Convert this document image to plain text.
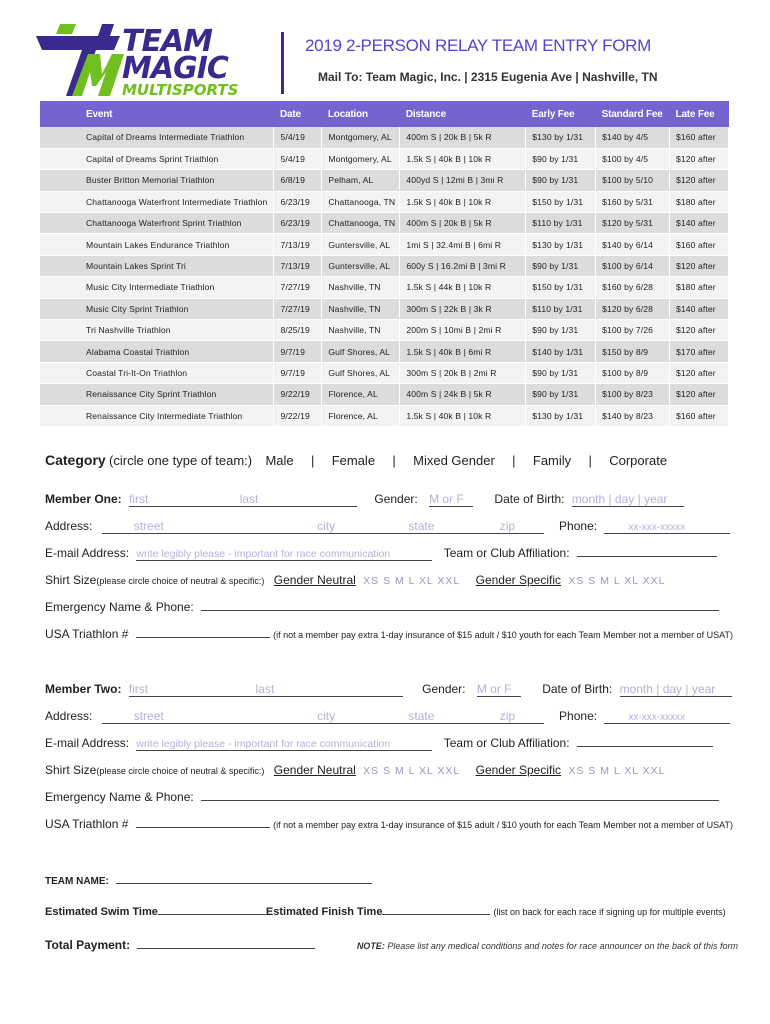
TEAM
MAGIC
MULTISPORTS
2019 2-PERSON RELAY TEAM ENTRY FORM
Mail To: Team Magic, Inc. | 2315 Eugenia Ave | Nashville, TN
Event	Date	Location	Distance	Early Fee	Standard Fee	Late Fee
Capital of Dreams Intermediate Triathlon	5/4/19	Montgomery, AL	400m S | 20k B | 5k R	$130 by 1/31	$140 by 4/5	$160 after
Capital of Dreams Sprint Triathlon	5/4/19	Montgomery, AL	1.5k S | 40k B | 10k R	$90 by 1/31	$100 by 4/5	$120 after
Buster Britton Memorial Triathlon	6/8/19	Pelham, AL	400yd S | 12mi B | 3mi R	$90 by 1/31	$100 by 5/10	$120 after
Chattanooga Waterfront Intermediate Triathlon	6/23/19	Chattanooga, TN	1.5k S | 40k B | 10k R	$150 by 1/31	$160 by 5/31	$180 after
Chattanooga Waterfront Sprint Triathlon	6/23/19	Chattanooga, TN	400m S | 20k B | 5k R	$110 by 1/31	$120 by 5/31	$140 after
Mountain Lakes Endurance Triathlon	7/13/19	Guntersville, AL	1mi S | 32.4mi B | 6mi R	$130 by 1/31	$140 by 6/14	$160 after
Mountain Lakes Sprint Tri	7/13/19	Guntersville, AL	600y S | 16.2mi B | 3mi R	$90 by 1/31	$100 by 6/14	$120 after
Music City Intermediate Triathlon	7/27/19	Nashville, TN	1.5k S | 44k B | 10k R	$150 by 1/31	$160 by 6/28	$180 after
Music City Sprint Triathlon	7/27/19	Nashville, TN	300m S | 22k B | 3k R	$110 by 1/31	$120 by 6/28	$140 after
Tri Nashville Triathlon	8/25/19	Nashville, TN	200m S | 10mi B | 2mi R	$90 by 1/31	$100 by 7/26	$120 after
Alabama Coastal Triathlon	9/7/19	Gulf Shores, AL	1.5k S | 40k B | 6mi R	$140 by 1/31	$150 by 8/9	$170 after
Coastal Tri-It-On Triathlon	9/7/19	Gulf Shores, AL	300m S | 20k B | 2mi R	$90 by 1/31	$100 by 8/9	$120 after
Renaissance City Sprint Triathlon	9/22/19	Florence, AL	400m S | 24k B | 5k R	$90 by 1/31	$100 by 8/23	$120 after
Renaissance City Intermediate Triathlon	9/22/19	Florence, AL	1.5k S | 40k B | 10k R	$130 by 1/31	$140 by 8/23	$160 after
Category (circle one type of team:) Male | Female | Mixed Gender | Family | Corporate
Member One: first	last	Gender: M or F	Date of Birth: month | day | year
Address:	street	city	state	zip	Phone:	xx-xxx-xxxxx
E-mail Address: write legibly please - important for race communication	Team or Club Affiliation:
Shirt Size(please circle choice of neutral & specific:) Gender Neutral XS S M L XL XXL Gender Specific XS S M L XL XXL
Emergency Name & Phone:
USA Triathlon #	(if not a member pay extra 1-day insurance of $15 adult / $10 youth for each Team Member not a member of USAT)
Member Two: first	last	Gender: M or F	Date of Birth: month | day | year
Address:	street	city	state	zip	Phone:	xx-xxx-xxxxx
E-mail Address: write legibly please - important for race communication	Team or Club Affiliation:
Shirt Size(please circle choice of neutral & specific:) Gender Neutral XS S M L XL XXL Gender Specific XS S M L XL XXL
Emergency Name & Phone:
USA Triathlon #	(if not a member pay extra 1-day insurance of $15 adult / $10 youth for each Team Member not a member of USAT)
TEAM NAME:
Estimated Swim Time	Estimated Finish Time	(list on back for each race if signing up for multiple events)
Total Payment:	NOTE: Please list any medical conditions and notes for race announcer on the back of this form
